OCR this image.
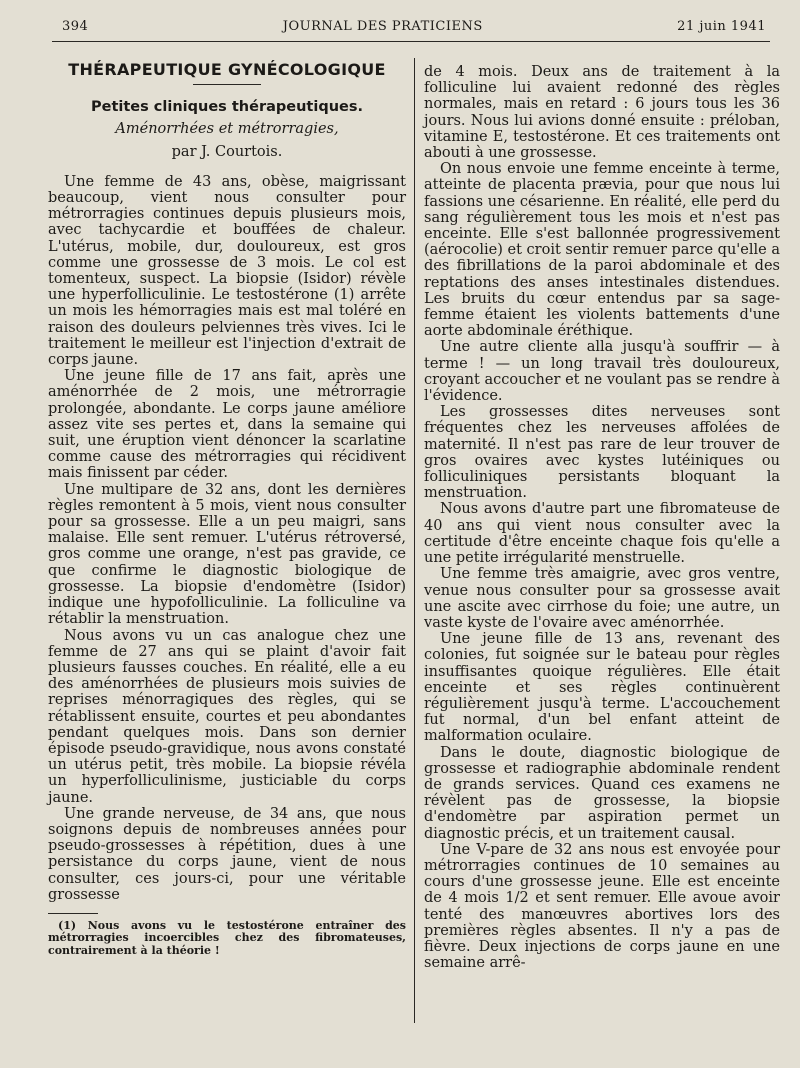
394	JOURNAL DES PRATICIENS	21 juin 1941
THÉRAPEUTIQUE GYNÉCOLOGIQUE
Petites cliniques thérapeutiques.
Aménorrhées et métrorragies,
par J. Courtois.

Une femme de 43 ans, obèse, maigrissant beaucoup, vient nous consulter pour métrorragies continues depuis plusieurs mois, avec tachycardie et bouffées de chaleur. L'utérus, mobile, dur, douloureux, est gros comme une grossesse de 3 mois. Le col est tomenteux, suspect. La biopsie (Isidor) révèle une hyperfolliculinie. Le testostérone (1) arrête un mois les hémorragies mais est mal toléré en raison des douleurs pelviennes très vives. Ici le traitement le meilleur est l'injection d'extrait de corps jaune.

Une jeune fille de 17 ans fait, après une aménorrhée de 2 mois, une métrorragie prolongée, abondante. Le corps jaune améliore assez vite ses pertes et, dans la semaine qui suit, une éruption vient dénoncer la scarlatine comme cause des métrorragies qui récidivent mais finissent par céder.

Une multipare de 32 ans, dont les dernières règles remontent à 5 mois, vient nous consulter pour sa grossesse. Elle a un peu maigri, sans malaise. Elle sent remuer. L'utérus rétroversé, gros comme une orange, n'est pas gravide, ce que confirme le diagnostic biologique de grossesse. La biopsie d'endomètre (Isidor) indique une hypofolliculinie. La folliculine va rétablir la menstruation.

Nous avons vu un cas analogue chez une femme de 27 ans qui se plaint d'avoir fait plusieurs fausses couches. En réalité, elle a eu des aménorrhées de plusieurs mois suivies de reprises ménorragiques des règles, qui se rétablissent ensuite, courtes et peu abondantes pendant quelques mois. Dans son dernier épisode pseudo-gravidique, nous avons constaté un utérus petit, très mobile. La biopsie révéla un hyperfolliculinisme, justiciable du corps jaune.

Une grande nerveuse, de 34 ans, que nous soignons depuis de nombreuses années pour pseudo-grossesses à répétition, dues à une persistance du corps jaune, vient de nous consulter, ces jours-ci, pour une véritable grossesse

(1) Nous avons vu le testostérone entraîner des métrorragies incoercibles chez des fibromateuses, contrairement à la théorie !

de 4 mois. Deux ans de traitement à la folliculine lui avaient redonné des règles normales, mais en retard : 6 jours tous les 36 jours. Nous lui avions donné ensuite : préloban, vitamine E, testostérone. Et ces traitements ont abouti à une grossesse.

On nous envoie une femme enceinte à terme, atteinte de placenta prævia, pour que nous lui fassions une césarienne. En réalité, elle perd du sang régulièrement tous les mois et n'est pas enceinte. Elle s'est ballonnée progressivement (aérocolie) et croit sentir remuer parce qu'elle a des fibrillations de la paroi abdominale et des reptations des anses intestinales distendues. Les bruits du cœur entendus par sa sage-femme étaient les violents battements d'une aorte abdominale éréthique.

Une autre cliente alla jusqu'à souffrir — à terme ! — un long travail très douloureux, croyant accoucher et ne voulant pas se rendre à l'évidence.

Les grossesses dites nerveuses sont fréquentes chez les nerveuses affolées de maternité. Il n'est pas rare de leur trouver de gros ovaires avec kystes lutéiniques ou folliculiniques persistants bloquant la menstruation.

Nous avons d'autre part une fibromateuse de 40 ans qui vient nous consulter avec la certitude d'être enceinte chaque fois qu'elle a une petite irrégularité menstruelle.

Une femme très amaigrie, avec gros ventre, venue nous consulter pour sa grossesse avait une ascite avec cirrhose du foie; une autre, un vaste kyste de l'ovaire avec aménorrhée.

Une jeune fille de 13 ans, revenant des colonies, fut soignée sur le bateau pour règles insuffisantes quoique régulières. Elle était enceinte et ses règles continuèrent régulièrement jusqu'à terme. L'accouchement fut normal, d'un bel enfant atteint de malformation oculaire.

Dans le doute, diagnostic biologique de grossesse et radiographie abdominale rendent de grands services. Quand ces examens ne révèlent pas de grossesse, la biopsie d'endomètre par aspiration permet un diagnostic précis, et un traitement causal.

Une V-pare de 32 ans nous est envoyée pour métrorragies continues de 10 semaines au cours d'une grossesse jeune. Elle est enceinte de 4 mois 1/2 et sent remuer. Elle avoue avoir tenté des manœuvres abortives lors des premières règles absentes. Il n'y a pas de fièvre. Deux injections de corps jaune en une semaine arrê-
